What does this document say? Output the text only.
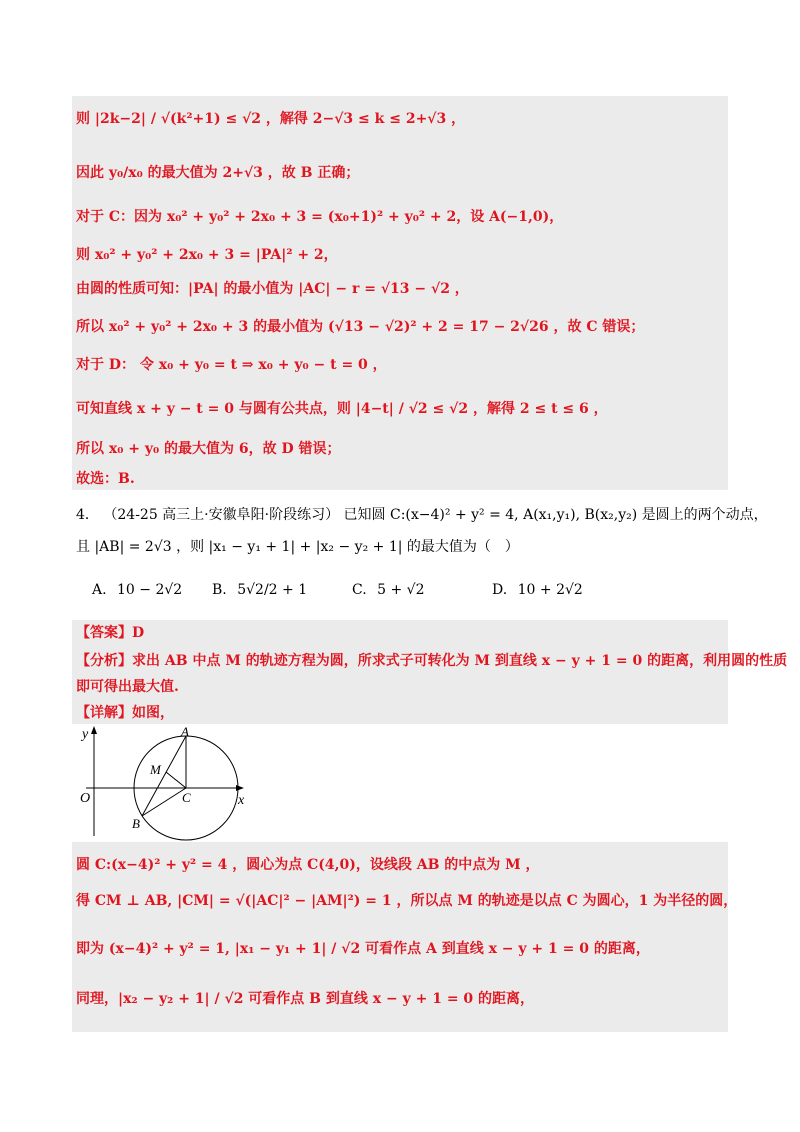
则 |2k−2| / √(k²+1) ≤ √2 ，解得 2−√3 ≤ k ≤ 2+√3 ，
因此 y₀/x₀ 的最大值为 2+√3 ，故 B 正确；
对于 C：因为 x₀² + y₀² + 2x₀ + 3 = (x₀+1)² + y₀² + 2，设 A(−1,0)，
则 x₀² + y₀² + 2x₀ + 3 = |PA|² + 2，
由圆的性质可知：|PA| 的最小值为 |AC| − r = √13 − √2 ，
所以 x₀² + y₀² + 2x₀ + 3 的最小值为 (√13 − √2)² + 2 = 17 − 2√26 ，故 C 错误；
对于 D： 令 x₀ + y₀ = t ⇒ x₀ + y₀ − t = 0 ，
可知直线 x + y − t = 0 与圆有公共点，则 |4−t| / √2 ≤ √2 ，解得 2 ≤ t ≤ 6 ，
所以 x₀ + y₀ 的最大值为 6，故 D 错误；
故选：B.
4． （24-25 高三上·安徽阜阳·阶段练习） 已知圆 C:(x−4)² + y² = 4, A(x₁,y₁), B(x₂,y₂) 是圆上的两个动点，
且 |AB| = 2√3 ，则 |x₁ − y₁ + 1| + |x₂ − y₂ + 1| 的最大值为（　）
A. 10 − 2√2 B. 5√2/2 + 1	C. 5 + √2	D. 10 + 2√2
【答案】D
【分析】求出 AB 中点 M 的轨迹方程为圆，所求式子可转化为 M 到直线 x − y + 1 = 0 的距离，利用圆的性质
即可得出最大值.
【详解】如图，
y
x
O
A
B
C
M
圆 C:(x−4)² + y² = 4 ，圆心为点 C(4,0)，设线段 AB 的中点为 M ，
得 CM ⊥ AB, |CM| = √(|AC|² − |AM|²) = 1 ，所以点 M 的轨迹是以点 C 为圆心，1 为半径的圆，
即为 (x−4)² + y² = 1, |x₁ − y₁ + 1| / √2 可看作点 A 到直线 x − y + 1 = 0 的距离，
同理，|x₂ − y₂ + 1| / √2 可看作点 B 到直线 x − y + 1 = 0 的距离，
